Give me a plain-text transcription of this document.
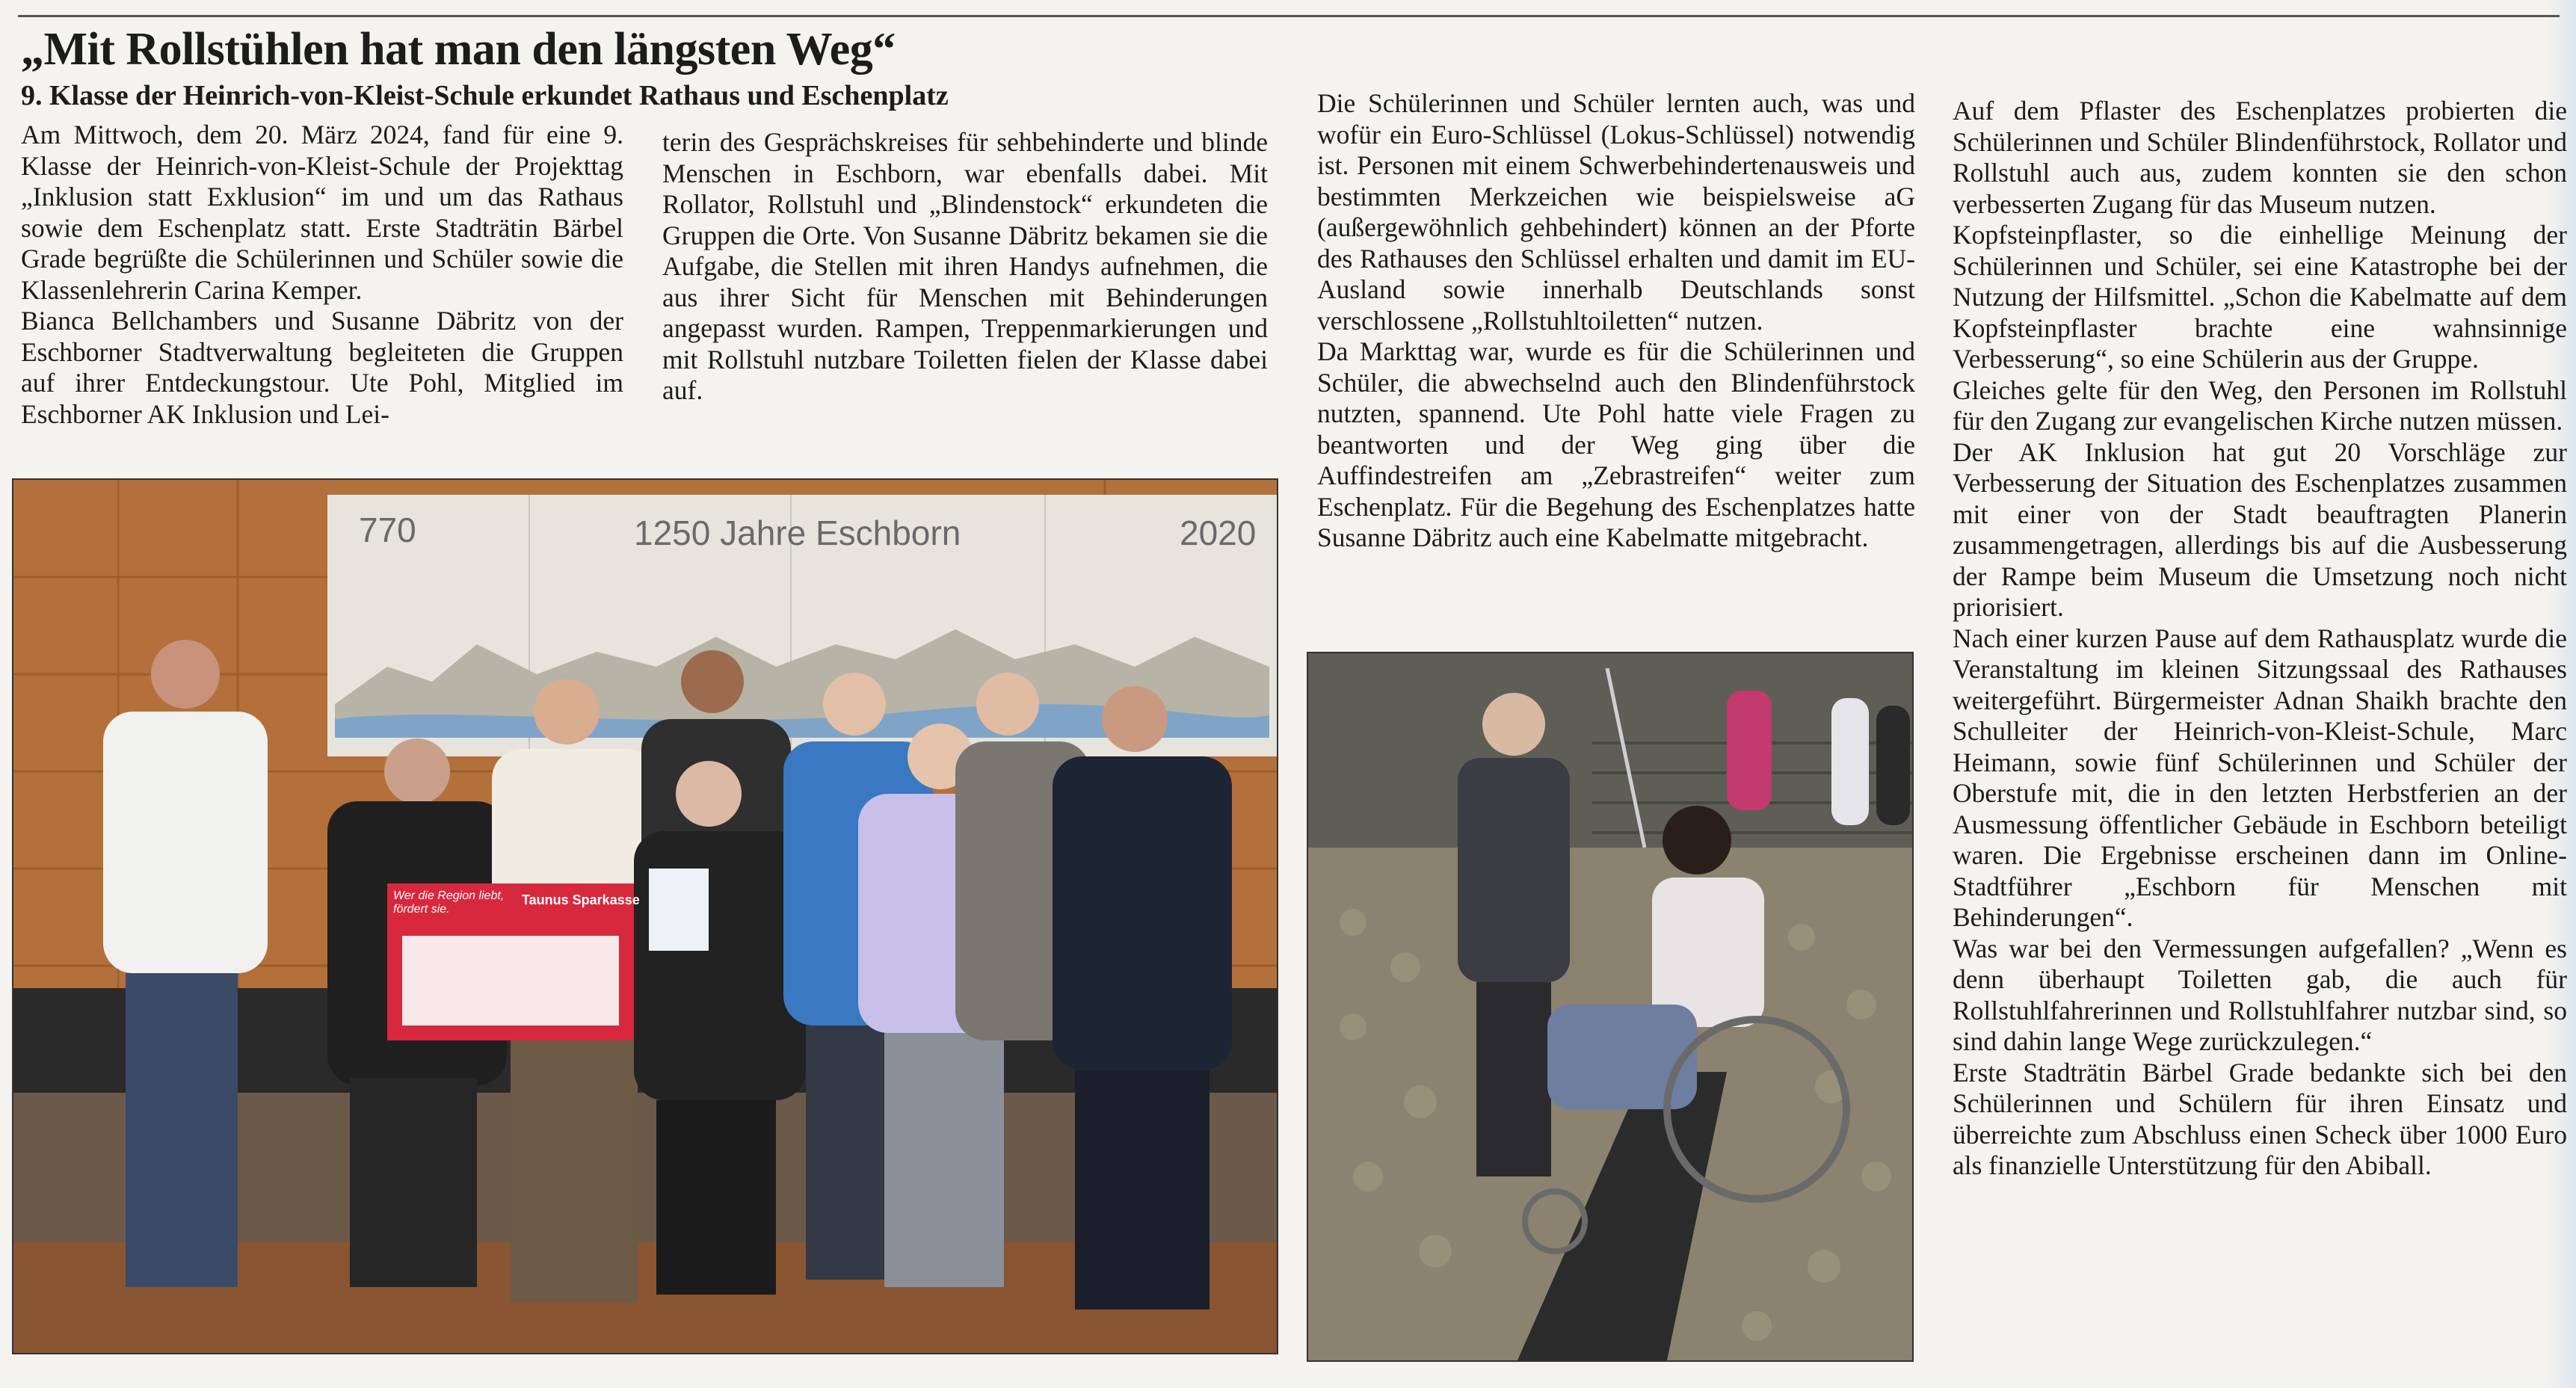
„Mit Rollstühlen hat man den längsten Weg“
9. Klasse der Heinrich-von-Kleist-Schule erkundet Rathaus und Eschenplatz

Am Mittwoch, dem 20. März 2024, fand für eine 9. Klasse der Heinrich-von-Kleist-Schule der Projekttag „Inklusion statt Exklusion“ im und um das Rathaus sowie dem Eschenplatz statt. Erste Stadträtin Bärbel Grade begrüßte die Schülerinnen und Schüler sowie die Klassenlehrerin Carina Kemper.

Bianca Bellchambers und Susanne Däbritz von der Eschborner Stadtverwaltung begleiteten die Gruppen auf ihrer Entdeckungstour. Ute Pohl, Mitglied im Eschborner AK Inklusion und Lei-

terin des Gesprächskreises für sehbehinderte und blinde Menschen in Eschborn, war ebenfalls dabei. Mit Rollator, Rollstuhl und „Blindenstock“ erkundeten die Gruppen die Orte. Von Susanne Däbritz bekamen sie die Aufgabe, die Stellen mit ihren Handys aufnehmen, die aus ihrer Sicht für Menschen mit Behinderungen angepasst wurden. Rampen, Treppenmarkierungen und mit Rollstuhl nutzbare Toiletten fielen der Klasse dabei auf.

Die Schülerinnen und Schüler lernten auch, was und wofür ein Euro-Schlüssel (Lokus-Schlüssel) notwendig ist. Personen mit einem Schwerbehindertenausweis und bestimmten Merkzeichen wie beispielsweise aG (außergewöhnlich gehbehindert) können an der Pforte des Rathauses den Schlüssel erhalten und damit im EU-Ausland sowie innerhalb Deutschlands sonst verschlossene „Rollstuhltoiletten“ nutzen.

Da Markttag war, wurde es für die Schülerinnen und Schüler, die abwechselnd auch den Blindenführstock nutzten, spannend. Ute Pohl hatte viele Fragen zu beantworten und der Weg ging über die Auffindestreifen am „Zebrastreifen“ weiter zum Eschenplatz. Für die Begehung des Eschenplatzes hatte Susanne Däbritz auch eine Kabelmatte mitgebracht.

Auf dem Pflaster des Eschenplatzes probierten die Schülerinnen und Schüler Blindenführstock, Rollator und Rollstuhl auch aus, zudem konnten sie den schon verbesserten Zugang für das Museum nutzen.

Kopfsteinpflaster, so die einhellige Meinung der Schülerinnen und Schüler, sei eine Katastrophe bei der Nutzung der Hilfsmittel. „Schon die Kabelmatte auf dem Kopfsteinpflaster brachte eine wahnsinnige Verbesserung“, so eine Schülerin aus der Gruppe.

Gleiches gelte für den Weg, den Personen im Rollstuhl für den Zugang zur evangelischen Kirche nutzen müssen.

Der AK Inklusion hat gut 20 Vorschläge zur Verbesserung der Situation des Eschenplatzes zusammen mit einer von der Stadt beauftragten Planerin zusammengetragen, allerdings bis auf die Ausbesserung der Rampe beim Museum die Umsetzung noch nicht priorisiert.

Nach einer kurzen Pause auf dem Rathausplatz wurde die Veranstaltung im kleinen Sitzungssaal des Rathauses weitergeführt. Bürgermeister Adnan Shaikh brachte den Schulleiter der Heinrich-von-Kleist-Schule, Marc Heimann, sowie fünf Schülerinnen und Schüler der Oberstufe mit, die in den letzten Herbstferien an der Ausmessung öffentlicher Gebäude in Eschborn beteiligt waren. Die Ergebnisse erscheinen dann im Online-Stadtführer „Eschborn für Menschen mit Behinderungen“.

Was war bei den Vermessungen aufgefallen? „Wenn es denn überhaupt Toiletten gab, die auch für Rollstuhlfahrerinnen und Rollstuhlfahrer nutzbar sind, so sind dahin lange Wege zurückzulegen.“

Erste Stadträtin Bärbel Grade bedankte sich bei den Schülerinnen und Schülern für ihren Einsatz und überreichte zum Abschluss einen Scheck über 1000 Euro als finanzielle Unterstützung für den Abiball.

770	1250 Jahre Eschborn	2020
Wer die Region liebt, fördert sie.
Taunus Sparkasse
